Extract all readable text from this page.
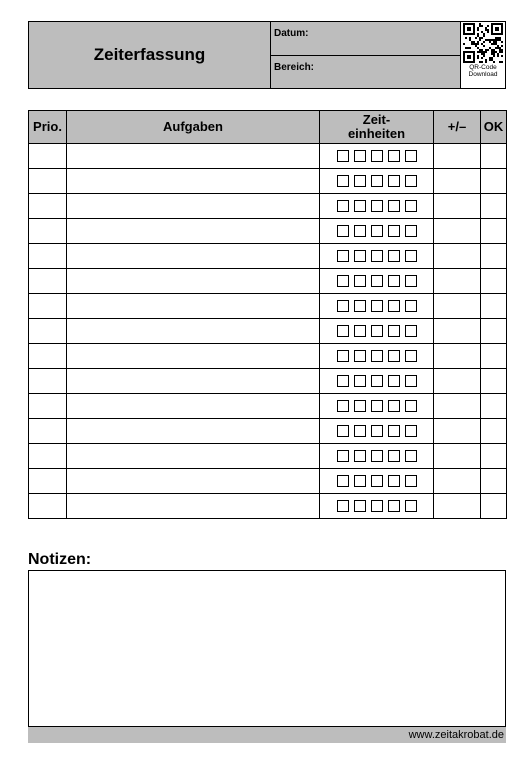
Zeiterfassung
Datum:
Bereich:	QR-Code
Download
Prio.	Aufgaben	Zeit-
einheiten	+/–	OK

Notizen:
www.zeitakrobat.de
